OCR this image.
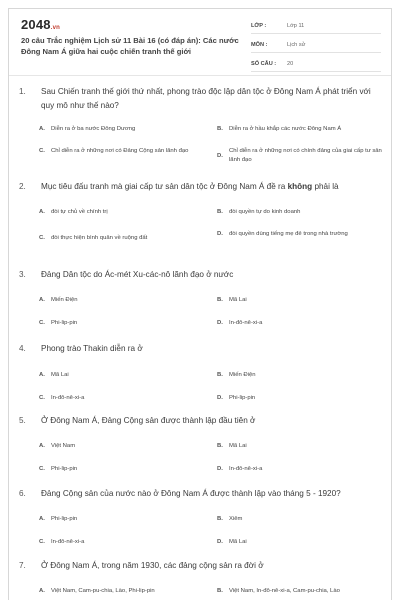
2048.vn
20 câu Trắc nghiệm Lịch sử 11 Bài 16 (có đáp án): Các nước Đông Nam Á giữa hai cuộc chiến tranh thế giới
LỚP :	Lớp 11
MÔN :	Lịch sử
SỐ CÂU :	20
1.	Sau Chiến tranh thế giới thứ nhất, phong trào độc lập dân tộc ở Đông Nam Á phát triển với quy mô như thế nào?
A.	Diễn ra ở ba nước Đông Dương	B.	Diễn ra ở hầu khắp các nước Đông Nam Á
C.	Chỉ diễn ra ở những nơi có Đảng Cộng sản lãnh đạo
D.
Chỉ diễn ra ở những nơi có chính đảng của giai cấp tư sản lãnh đạo
2.	Mục tiêu đấu tranh mà giai cấp tư sản dân tộc ở Đông Nam Á đề ra không phải là
A.	đòi tự chủ về chính trị	B.	đòi quyền tự do kinh doanh
C.	đòi thực hiện bình quân về ruộng đất
D.	đòi quyền dùng tiếng mẹ đẻ trong nhà trường
3.	Đảng Dân tộc do Ác-mét Xu-các-nô lãnh đạo ở nước
A.	Miến Điện	B.	Mã Lai
C.	Phi-lip-pin	D.	In-đô-nê-xi-a
4.	Phong trào Thakin diễn ra ở
A.	Mã Lai	B.	Miến Điện
C.	In-đô-nê-xi-a	D.	Phi-lip-pin
5.	Ở Đông Nam Á, Đảng Cộng sản được thành lập đầu tiên ở
A.	Việt Nam	B.	Mã Lai
C.	Phi-lip-pin	D.	In-đô-nê-xi-a
6.	Đảng Cộng sản của nước nào ở Đông Nam Á được thành lập vào tháng 5 - 1920?
A.	Phi-lip-pin	B.	Xiêm
C.	In-đô-nê-xi-a	D.	Mã Lai
7.	Ở Đông Nam Á, trong năm 1930, các đảng cộng sản ra đời ở
A.	Việt Nam, Cam-pu-chia, Lào, Phi-lip-pin	B.	Việt Nam, In-đô-nê-xi-a, Cam-pu-chia, Lào
